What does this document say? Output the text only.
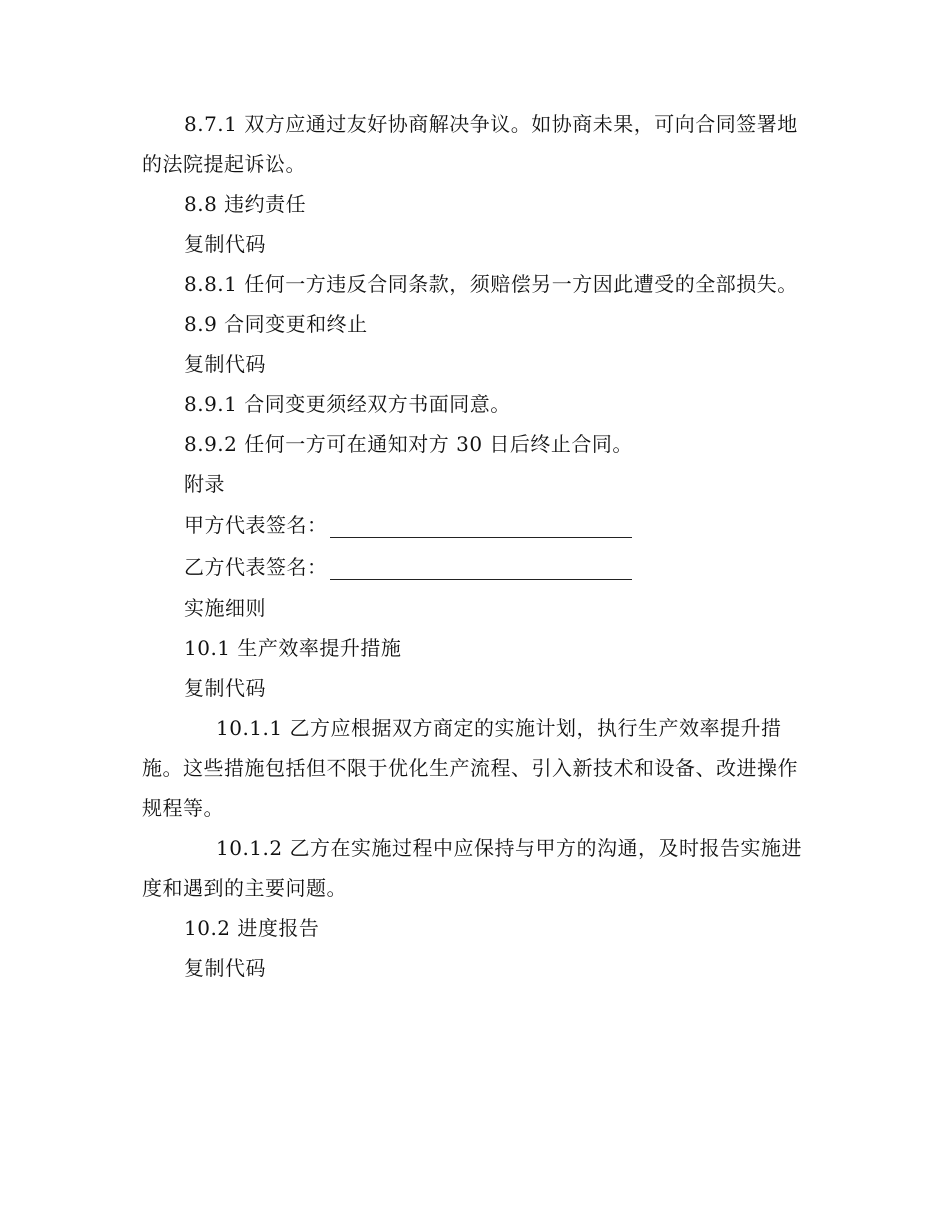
8.7.1 双方应通过友好协商解决争议。如协商未果，可向合同签署地的法院提起诉讼。

8.8 违约责任

复制代码

8.8.1 任何一方违反合同条款，须赔偿另一方因此遭受的全部损失。

8.9 合同变更和终止

复制代码

8.9.1 合同变更须经双方书面同意。

8.9.2 任何一方可在通知对方 30 日后终止合同。

附录

甲方代表签名：

乙方代表签名：

实施细则

10.1 生产效率提升措施

复制代码

10.1.1 乙方应根据双方商定的实施计划，执行生产效率提升措施。这些措施包括但不限于优化生产流程、引入新技术和设备、改进操作规程等。

10.1.2 乙方在实施过程中应保持与甲方的沟通，及时报告实施进度和遇到的主要问题。

10.2 进度报告

复制代码
